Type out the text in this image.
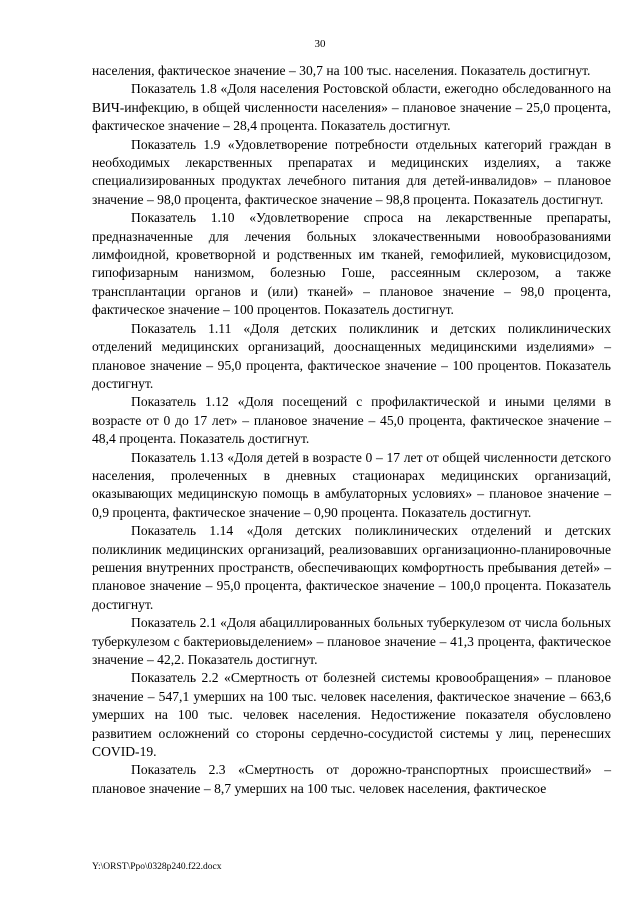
30

населения, фактическое значение – 30,7 на 100 тыс. населения. Показатель достигнут.

Показатель 1.8 «Доля населения Ростовской области, ежегодно обследованного на ВИЧ-инфекцию, в общей численности населения» – плановое значение – 25,0 процента, фактическое значение – 28,4 процента. Показатель достигнут.

Показатель 1.9 «Удовлетворение потребности отдельных категорий граждан в необходимых лекарственных препаратах и медицинских изделиях, а также специализированных продуктах лечебного питания для детей-инвалидов» – плановое значение – 98,0 процента, фактическое значение – 98,8 процента. Показатель достигнут.

Показатель 1.10 «Удовлетворение спроса на лекарственные препараты, предназначенные для лечения больных злокачественными новообразованиями лимфоидной, кроветворной и родственных им тканей, гемофилией, муковисцидозом, гипофизарным нанизмом, болезнью Гоше, рассеянным склерозом, а также трансплантации органов и (или) тканей» – плановое значение – 98,0 процента, фактическое значение – 100 процентов. Показатель достигнут.

Показатель 1.11 «Доля детских поликлиник и детских поликлинических отделений медицинских организаций, дооснащенных медицинскими изделиями» – плановое значение – 95,0 процента, фактическое значение – 100 процентов. Показатель достигнут.

Показатель 1.12 «Доля посещений с профилактической и иными целями в возрасте от 0 до 17 лет» – плановое значение – 45,0 процента, фактическое значение – 48,4 процента. Показатель достигнут.

Показатель 1.13 «Доля детей в возрасте 0 – 17 лет от общей численности детского населения, пролеченных в дневных стационарах медицинских организаций, оказывающих медицинскую помощь в амбулаторных условиях» – плановое значение – 0,9 процента, фактическое значение – 0,90 процента. Показатель достигнут.

Показатель 1.14 «Доля детских поликлинических отделений и детских поликлиник медицинских организаций, реализовавших организационно-планировочные решения внутренних пространств, обеспечивающих комфортность пребывания детей» – плановое значение – 95,0 процента, фактическое значение – 100,0 процента. Показатель достигнут.

Показатель 2.1 «Доля абациллированных больных туберкулезом от числа больных туберкулезом с бактериовыделением» – плановое значение – 41,3 процента, фактическое значение – 42,2. Показатель достигнут.

Показатель 2.2 «Смертность от болезней системы кровообращения» – плановое значение – 547,1 умерших на 100 тыс. человек населения, фактическое значение – 663,6 умерших на 100 тыс. человек населения. Недостижение показателя обусловлено развитием осложнений со стороны сердечно-сосудистой системы у лиц, перенесших COVID-19.

Показатель 2.3 «Смертность от дорожно-транспортных происшествий» – плановое значение – 8,7 умерших на 100 тыс. человек населения, фактическое

Y:\ORST\Ppo\0328p240.f22.docx
